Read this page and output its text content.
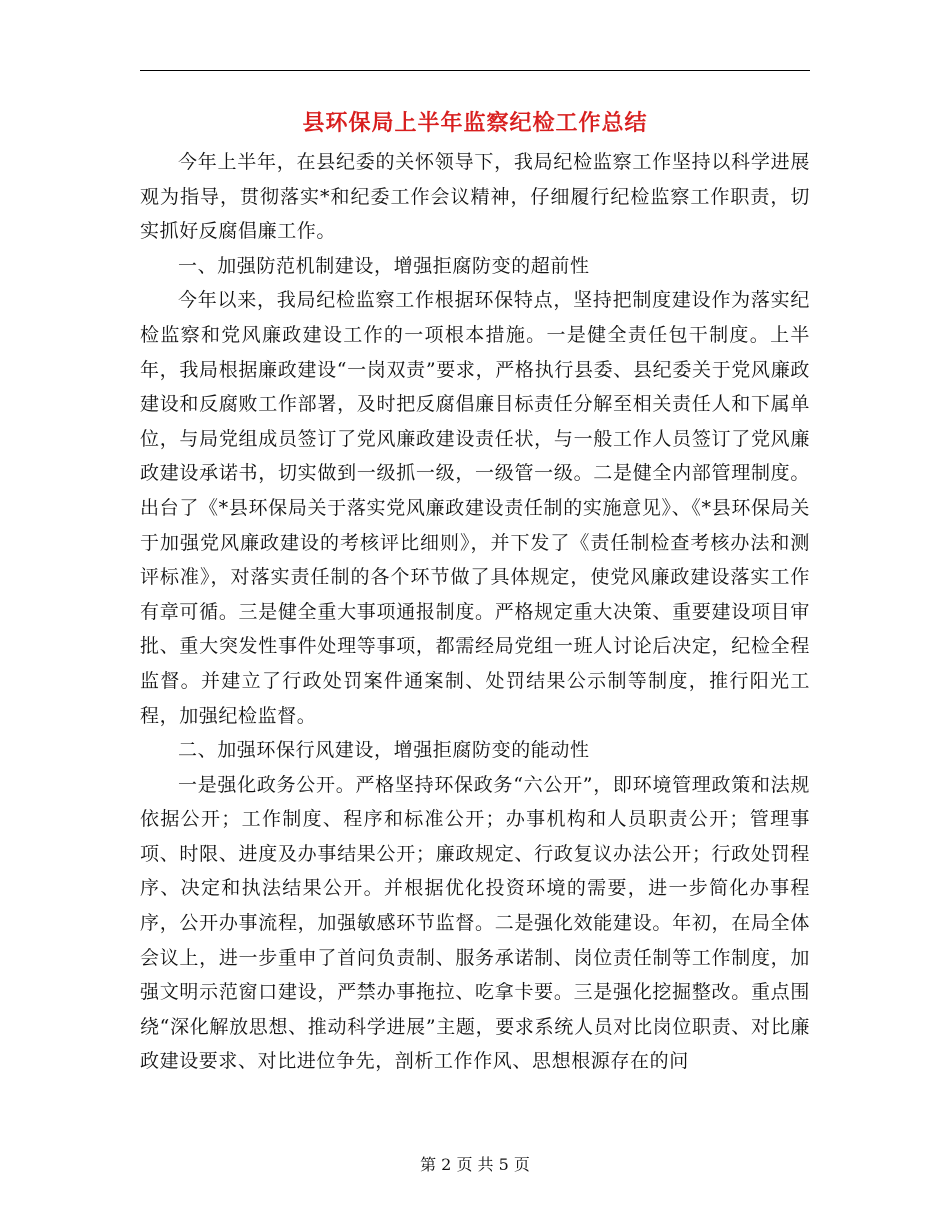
县环保局上半年监察纪检工作总结

今年上半年，在县纪委的关怀领导下，我局纪检监察工作坚持以科学进展观为指导，贯彻落实*和纪委工作会议精神，仔细履行纪检监察工作职责，切实抓好反腐倡廉工作。

一、加强防范机制建设，增强拒腐防变的超前性

今年以来，我局纪检监察工作根据环保特点，坚持把制度建设作为落实纪检监察和党风廉政建设工作的一项根本措施。一是健全责任包干制度。上半年，我局根据廉政建设“一岗双责”要求，严格执行县委、县纪委关于党风廉政建设和反腐败工作部署，及时把反腐倡廉目标责任分解至相关责任人和下属单位，与局党组成员签订了党风廉政建设责任状，与一般工作人员签订了党风廉政建设承诺书，切实做到一级抓一级，一级管一级。二是健全内部管理制度。出台了《*县环保局关于落实党风廉政建设责任制的实施意见》、《*县环保局关于加强党风廉政建设的考核评比细则》，并下发了《责任制检查考核办法和测评标准》，对落实责任制的各个环节做了具体规定，使党风廉政建设落实工作有章可循。三是健全重大事项通报制度。严格规定重大决策、重要建设项目审批、重大突发性事件处理等事项，都需经局党组一班人讨论后决定，纪检全程监督。并建立了行政处罚案件通案制、处罚结果公示制等制度，推行阳光工程，加强纪检监督。

二、加强环保行风建设，增强拒腐防变的能动性

一是强化政务公开。严格坚持环保政务“六公开”，即环境管理政策和法规依据公开；工作制度、程序和标准公开；办事机构和人员职责公开；管理事项、时限、进度及办事结果公开；廉政规定、行政复议办法公开；行政处罚程序、决定和执法结果公开。并根据优化投资环境的需要，进一步简化办事程序，公开办事流程，加强敏感环节监督。二是强化效能建设。年初，在局全体会议上，进一步重申了首问负责制、服务承诺制、岗位责任制等工作制度，加强文明示范窗口建设，严禁办事拖拉、吃拿卡要。三是强化挖掘整改。重点围绕“深化解放思想、推动科学进展”主题，要求系统人员对比岗位职责、对比廉政建设要求、对比进位争先，剖析工作作风、思想根源存在的问

第 2 页 共 5 页
